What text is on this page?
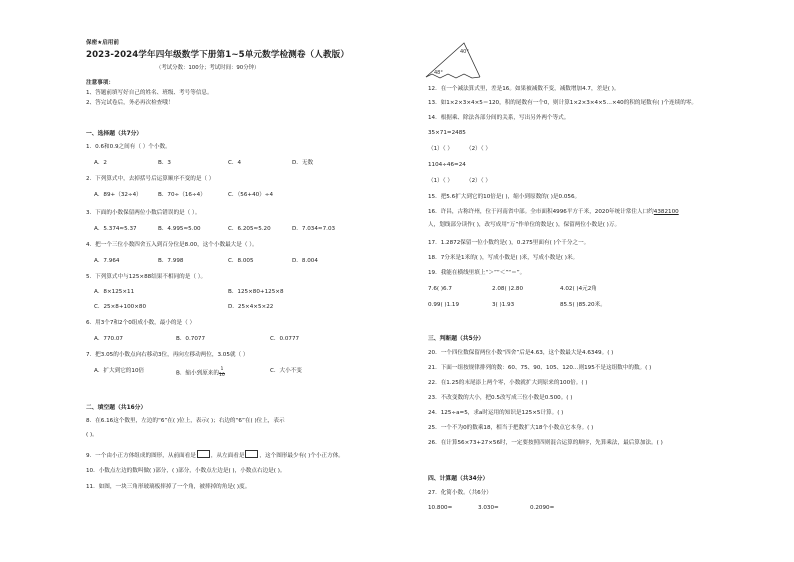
保密★启用前
2023-2024学年四年级数学下册第1~5单元数学检测卷（人教版）
（考试分数：100分；考试时间：90分钟）
注意事项：
1、答题前填写好自己的姓名、班级、考号等信息。
2、答完试卷后，务必再次检查哦！
一、选择题（共7分）
1．0.6和0.9之间有（ ）个小数。
A．2	B．3	C．4	D．无数
2．下列算式中，去掉括号后运算顺序不变的是（ ）
A．89+（32÷4）	B．70÷（16÷4）	C．（56+40）÷4
3．下面的小数保留两位小数后错误的是（ ）。
A．5.374≈5.37	B．4.995≈5.00	C．6.205≈5.20	D．7.034≈7.03
4．把一个三位小数四舍五入到百分位是8.00，这个小数最大是（ ）。
A．7.964	B．7.998	C．8.005	D．8.004
5．下列算式中与125×88结果不相同的是（ ）。
A．8×125×11	B．125×80+125×8
C．25×8+100×80	D．25×4×5×22
6．用3个7和2个0组成小数，最小的是（ ）
A．770.07	B．0.7077	C．0.0777
7．把3.05的小数点向右移动3位，再向左移动两位，3.05就（ ）
A．扩大到它的10倍	B．缩小到原来的 $\frac{1}{10}$	C．大小不变
二、填空题（共16分）
8．在6.16这个数里，左边的“6”在( )位上，表示( )；右边的“6”在( )位上，表示
( )。
9．一个由小正方体组成的图形，从前面看是	，从左面看是	，这个图形最少有( )个小正方体。
10．小数点左边的数叫做( )部分，( )部分，小数点左边是( )，小数点右边是( )。
11．如图，一块三角形玻璃板摔掉了一个角，被摔掉的角是( )度。
40°
48°
12．在一个减法算式里，差是16。如果被减数不变，减数增加4.7，差是( )。
13．如1×2×3×4×5＝120，积的尾数有一个0，则计算1×2×3×4×5…×40的积的尾数有( )个连续的零。
14．根据乘、除法各部分间的关系，写出另外两个等式。
35×71=2485
（1）（ ） （2）（ ）
1104÷46=24
（1）（ ） （2）（ ）
15．把5.6扩大到它的10倍是( )，缩小到原数的( )是0.056。
16．许昌，古称许州，位于河南省中部。全市面积4996平方千米，2020年统计常住人口约4382100
人，划线部分读作( )，改写成用“万”作单位的数是( )，保留两位小数是( )万。
17．1.2872保留一位小数约是( )，0.275里面有( )个千分之一。
18．7分米是1米的( )，写成小数是( )米，写成小数是( )米。
19．我能在横线里填上“＞”“＜”“＝”。
7.6( )6.7	2.08( )2.80	4.02( )4元2角
0.99( )1.19	3( )1.93	85.5( )85.20米。
三、判断题（共5分）
20．一个四位数保留两位小数“四舍”后是4.63，这个数最大是4.6349。( )
21．下面一组按规律排列的数：60、75、90、105、120…则195不是这组数中的数。( )
22．在1.25的末尾添上两个零，小数就扩大到原来的100倍。( )
23．不改变数的大小，把0.5改写成三位小数是0.500。( )
24．125÷a=5，求a时运用的知识是125×5计算。( )
25．一个不为0的数乘18，相当于把数扩大18个小数点它本身。( )
26．在计算56×73+27×56时，一定要按照四则混合运算的顺序，先算乘法，最后算加法。( )
四、计算题（共34分）
27．化简小数。（共6分）
10.800=	3.030=	0.2090=
